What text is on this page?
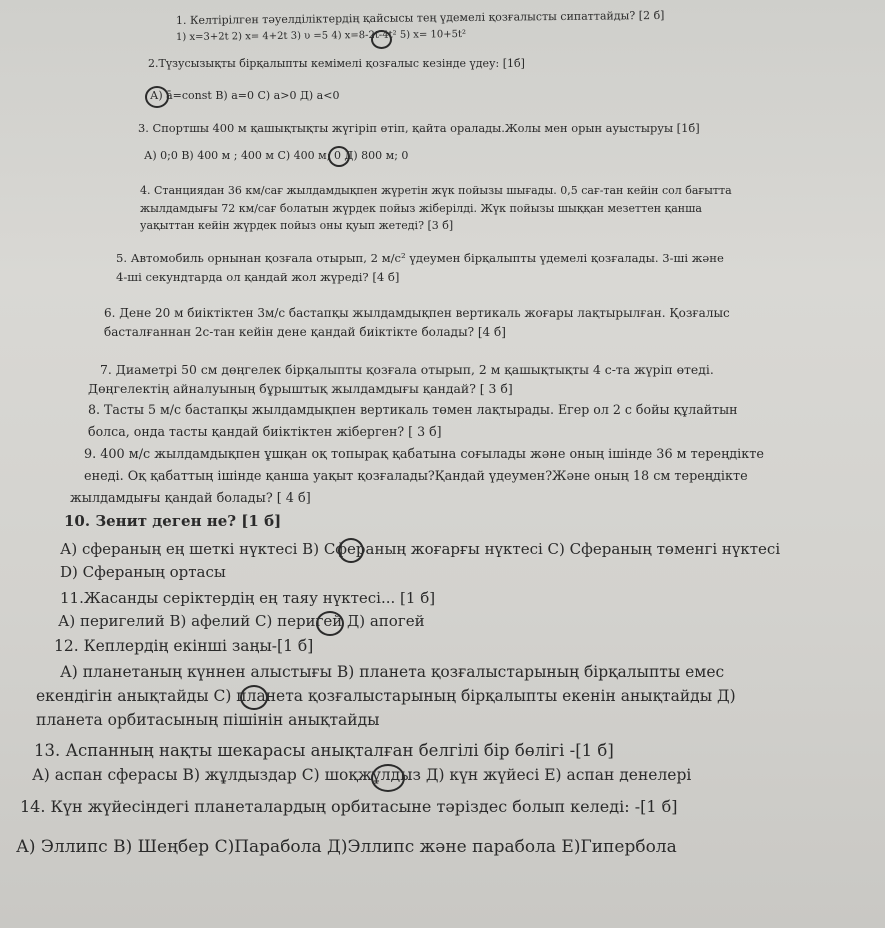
1. Келтірілген тәуелділіктердің қайсысы тең үдемелі қозғалысты сипаттайды? [2 б]
1) x=3+2t 2) x= 4+2t 3) υ =5 4) x=8-2t-4t² 5) x= 10+5t²
2.Түзусызықты бірқалыпты кемімелі қозғалыс кезінде үдеу: [1б]
А) ā=const B) a=0 C) a>0 Д) a<0
3. Спортшы 400 м қашықтықты жүгіріп өтіп, қайта оралады.Жолы мен орын ауыстыруы [1б]
А) 0;0 В) 400 м ; 400 м С) 400 м; 0 Д) 800 м; 0
4. Станциядан 36 км/сағ жылдамдықпен жүретін жүк пойызы шығады. 0,5 сағ-тан кейін сол бағытта
жылдамдығы 72 км/сағ болатын жүрдек пойыз жіберілді. Жүк пойызы шыққан мезеттен қанша
уақыттан кейін жүрдек пойыз оны қуып жетеді? [3 б]
5. Автомобиль орнынан қозғала отырып, 2 м/с² үдеумен бірқалыпты үдемелі қозғалады. 3-ші және
4-ші секундтарда ол қандай жол жүреді? [4 б]
6. Дене 20 м биіктіктен 3м/с бастапқы жылдамдықпен вертикаль жоғары лақтырылған. Қозғалыс
басталғаннан 2с-тан кейін дене қандай биіктікте болады? [4 б]
7. Диаметрі 50 см дөңгелек бірқалыпты қозғала отырып, 2 м қашықтықты 4 с-та жүріп өтеді.
Дөңгелектің айналуының бұрыштық жылдамдығы қандай? [ 3 б]
8. Тасты 5 м/с бастапқы жылдамдықпен вертикаль төмен лақтырады. Егер ол 2 с бойы құлайтын
болса, онда тасты қандай биіктіктен жіберген? [ 3 б]
9. 400 м/с жылдамдықпен ұшқан оқ топырақ қабатына соғылады және оның ішінде 36 м тереңдікте
енеді. Оқ қабаттың ішінде қанша уақыт қозғалады?Қандай үдеумен?Және оның 18 см тереңдікте
жылдамдығы қандай болады? [ 4 б]
10. Зенит деген не? [1 б]
А) сфераның ең шеткі нүктесі В) Сфераның жоғарғы нүктесі С) Сфераның төменгі нүктесі
D) Сфераның ортасы
11.Жасанды серіктердің ең таяу нүктесі... [1 б]
А) перигелий В) афелий С) перигей Д) апогей
12. Кеплердің екінші заңы-[1 б]
А) планетаның күннен алыстығы В) планета қозғалыстарының бірқалыпты емес
екендігін анықтайды С) планета қозғалыстарының бірқалыпты екенін анықтайды Д)
планета орбитасының пішінін анықтайды
13. Аспанның нақты шекарасы анықталған белгілі бір бөлігі -[1 б]
А) аспан сферасы В) жұлдыздар С) шоқжұлдыз Д) күн жүйесі Е) аспан денелері
14. Күн жүйесіндегі планеталардың орбитасыне тәріздес болып келеді: -[1 б]
А) Эллипс В) Шеңбер С)Парабола Д)Эллипс және парабола Е)Гипербола
